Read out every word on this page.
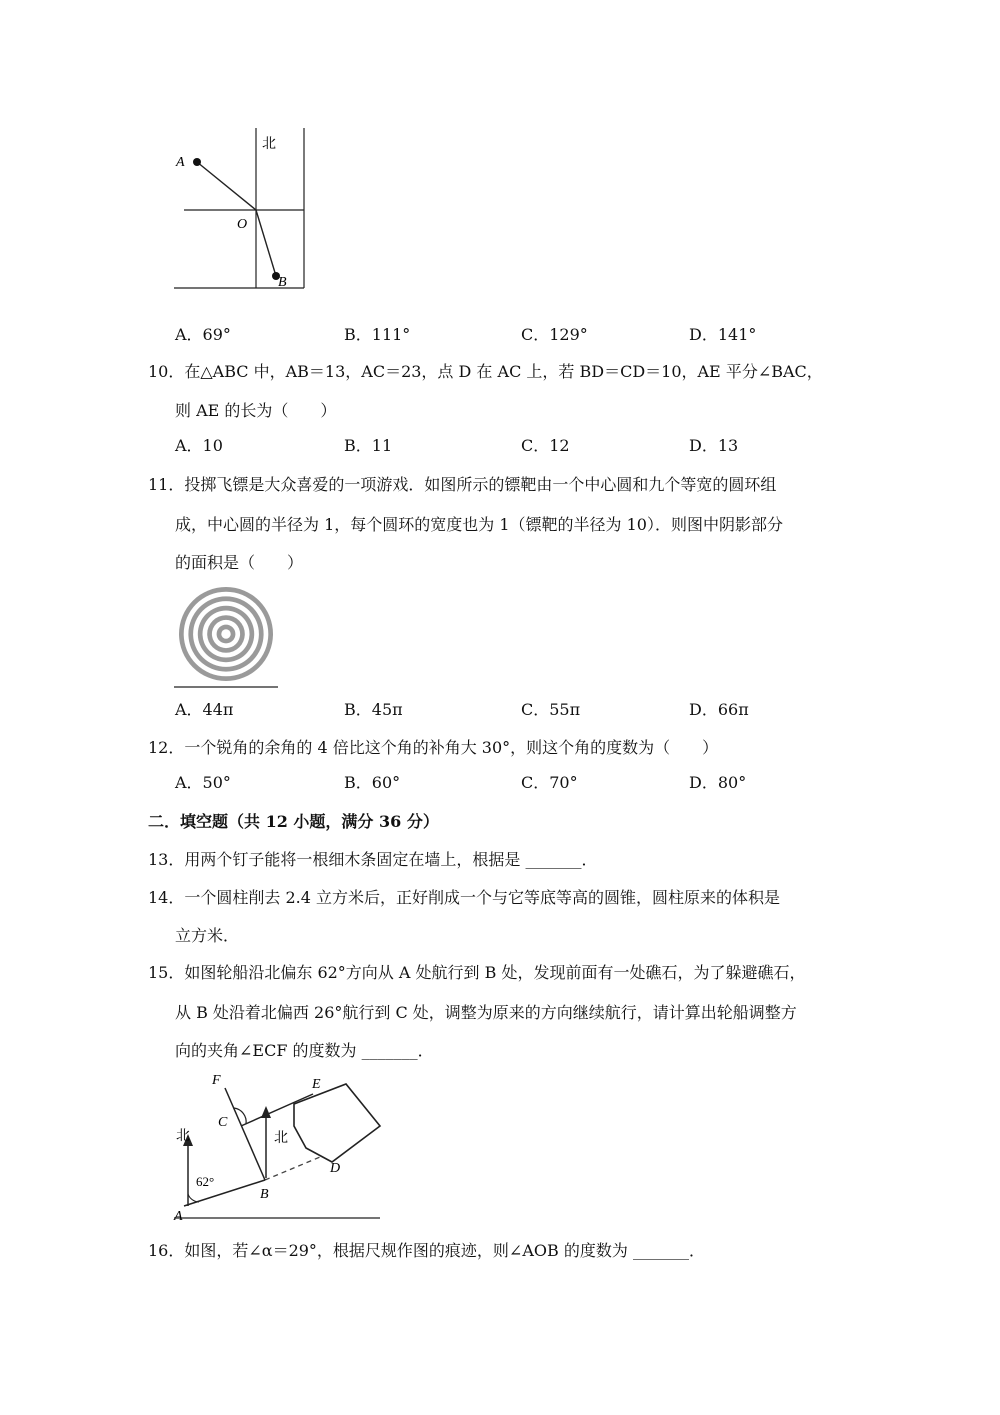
北
A
O
B
A．69°	B．111°	C．129°	D．141°
10．在△ABC 中，AB＝13，AC＝23，点 D 在 AC 上，若 BD＝CD＝10，AE 平分∠BAC，
则 AE 的长为（　　）
A．10	B．11	C．12	D．13
11．投掷飞镖是大众喜爱的一项游戏．如图所示的镖靶由一个中心圆和九个等宽的圆环组
成，中心圆的半径为 1，每个圆环的宽度也为 1（镖靶的半径为 10）．则图中阴影部分
的面积是（　　）
A．44π	B．45π	C．55π	D．66π
12．一个锐角的余角的 4 倍比这个角的补角大 30°，则这个角的度数为（　　）
A．50°	B．60°	C．70°	D．80°
二．填空题（共 12 小题，满分 36 分）
13．用两个钉子能将一根细木条固定在墙上，根据是 _______．
14．一个圆柱削去 2.4 立方米后，正好削成一个与它等底等高的圆锥，圆柱原来的体积是
立方米．
15．如图轮船沿北偏东 62°方向从 A 处航行到 B 处，发现前面有一处礁石，为了躲避礁石，
从 B 处沿着北偏西 26°航行到 C 处，调整为原来的方向继续航行，请计算出轮船调整方
向的夹角∠ECF 的度数为 _______．
F	E
C
D
B
A
北	北
62°
16．如图，若∠α＝29°，根据尺规作图的痕迹，则∠AOB 的度数为 _______．
